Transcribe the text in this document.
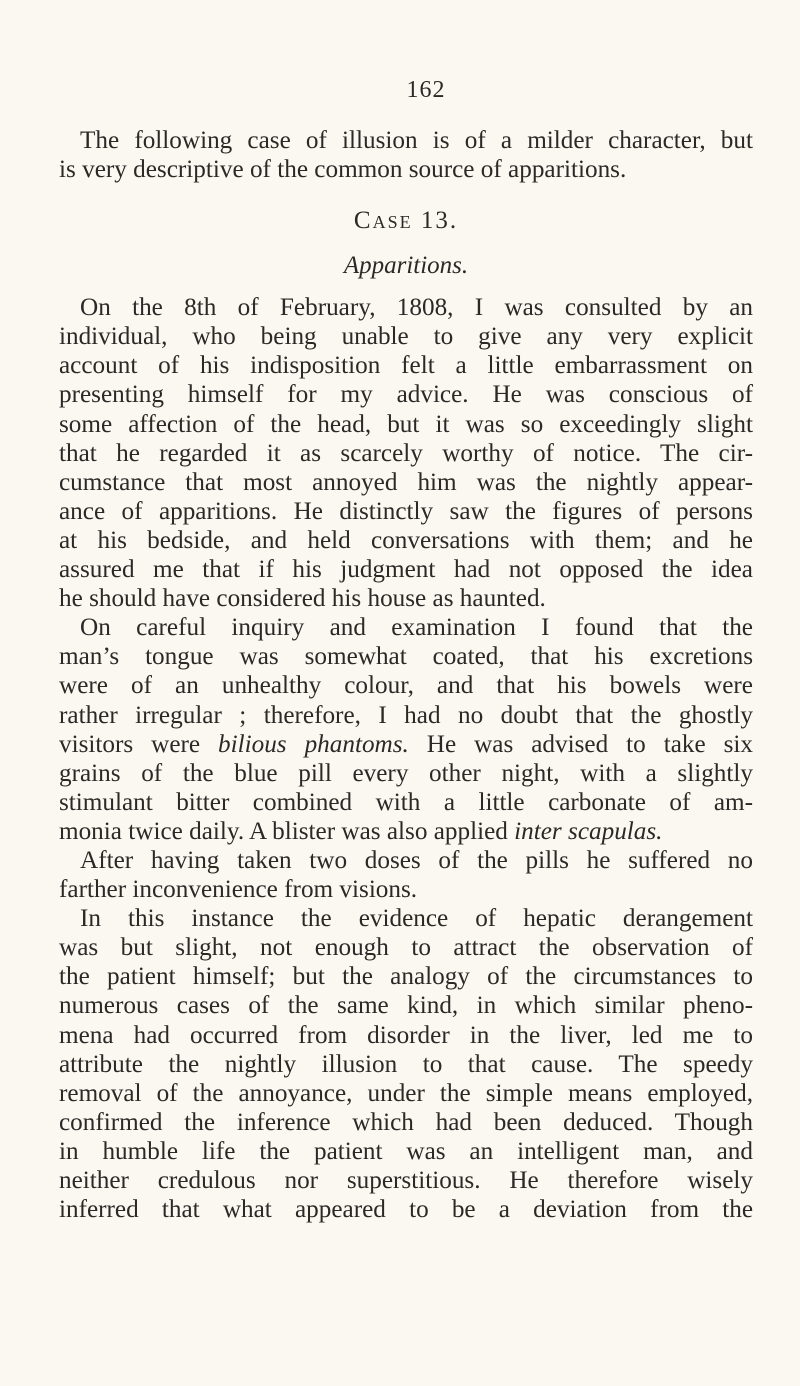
162
The following case of illusion is of a milder character, but
is very descriptive of the common source of apparitions.
Case 13.
Apparitions.
On the 8th of February, 1808, I was consulted by an
individual, who being unable to give any very explicit
account of his indisposition felt a little embarrassment on
presenting himself for my advice. He was conscious of
some affection of the head, but it was so exceedingly slight
that he regarded it as scarcely worthy of notice. The cir-
cumstance that most annoyed him was the nightly appear-
ance of apparitions. He distinctly saw the figures of persons
at his bedside, and held conversations with them; and he
assured me that if his judgment had not opposed the idea
he should have considered his house as haunted.
On careful inquiry and examination I found that the
man’s tongue was somewhat coated, that his excretions
were of an unhealthy colour, and that his bowels were
rather irregular ; therefore, I had no doubt that the ghostly
visitors were bilious phantoms. He was advised to take six
grains of the blue pill every other night, with a slightly
stimulant bitter combined with a little carbonate of am-
monia twice daily. A blister was also applied inter scapulas.
After having taken two doses of the pills he suffered no
farther inconvenience from visions.
In this instance the evidence of hepatic derangement
was but slight, not enough to attract the observation of
the patient himself; but the analogy of the circumstances to
numerous cases of the same kind, in which similar pheno-
mena had occurred from disorder in the liver, led me to
attribute the nightly illusion to that cause. The speedy
removal of the annoyance, under the simple means employed,
confirmed the inference which had been deduced. Though
in humble life the patient was an intelligent man, and
neither credulous nor superstitious. He therefore wisely
inferred that what appeared to be a deviation from the
